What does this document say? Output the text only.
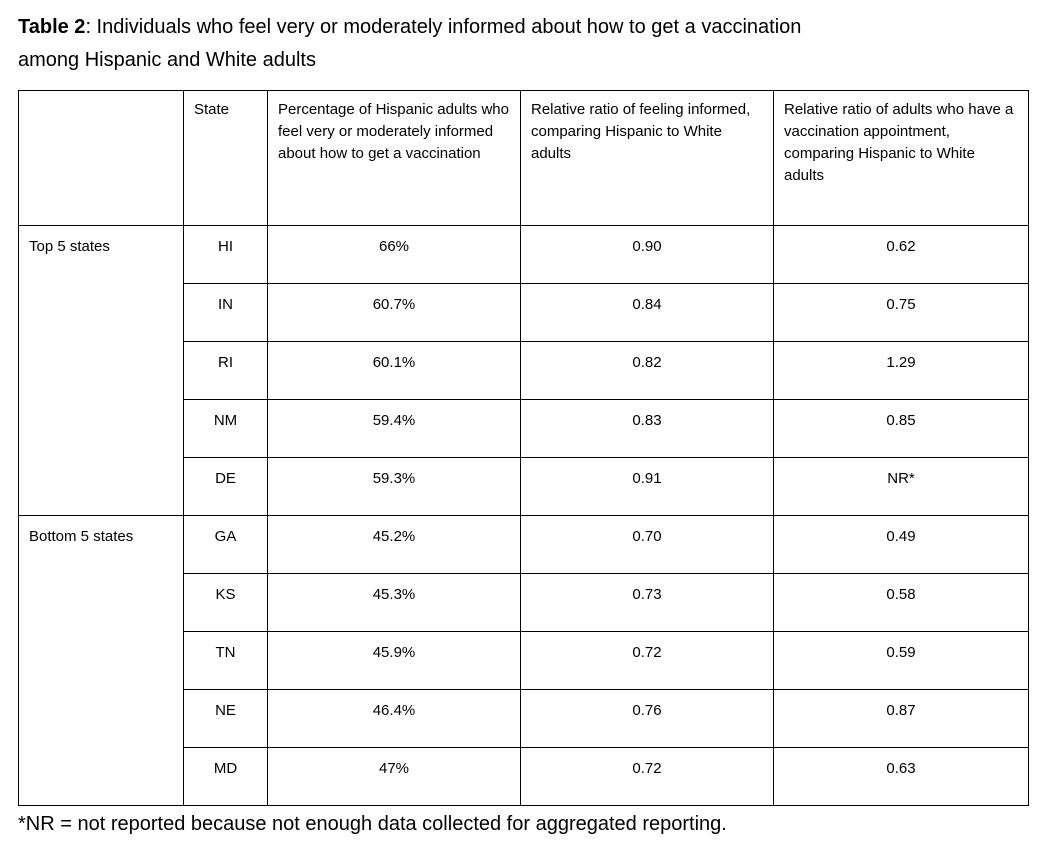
Table 2: Individuals who feel very or moderately informed about how to get a vaccination
among Hispanic and White adults

	State	Percentage of Hispanic adults who feel very or moderately informed about how to get a vaccination	Relative ratio of feeling informed, comparing Hispanic to White adults	Relative ratio of adults who have a vaccination appointment, comparing Hispanic to White adults
Top 5 states	HI	66%	0.90	0.62
	IN	60.7%	0.84	0.75
	RI	60.1%	0.82	1.29
	NM	59.4%	0.83	0.85
	DE	59.3%	0.91	NR*
Bottom 5 states	GA	45.2%	0.70	0.49
	KS	45.3%	0.73	0.58
	TN	45.9%	0.72	0.59
	NE	46.4%	0.76	0.87
	MD	47%	0.72	0.63

*NR = not reported because not enough data collected for aggregated reporting.
